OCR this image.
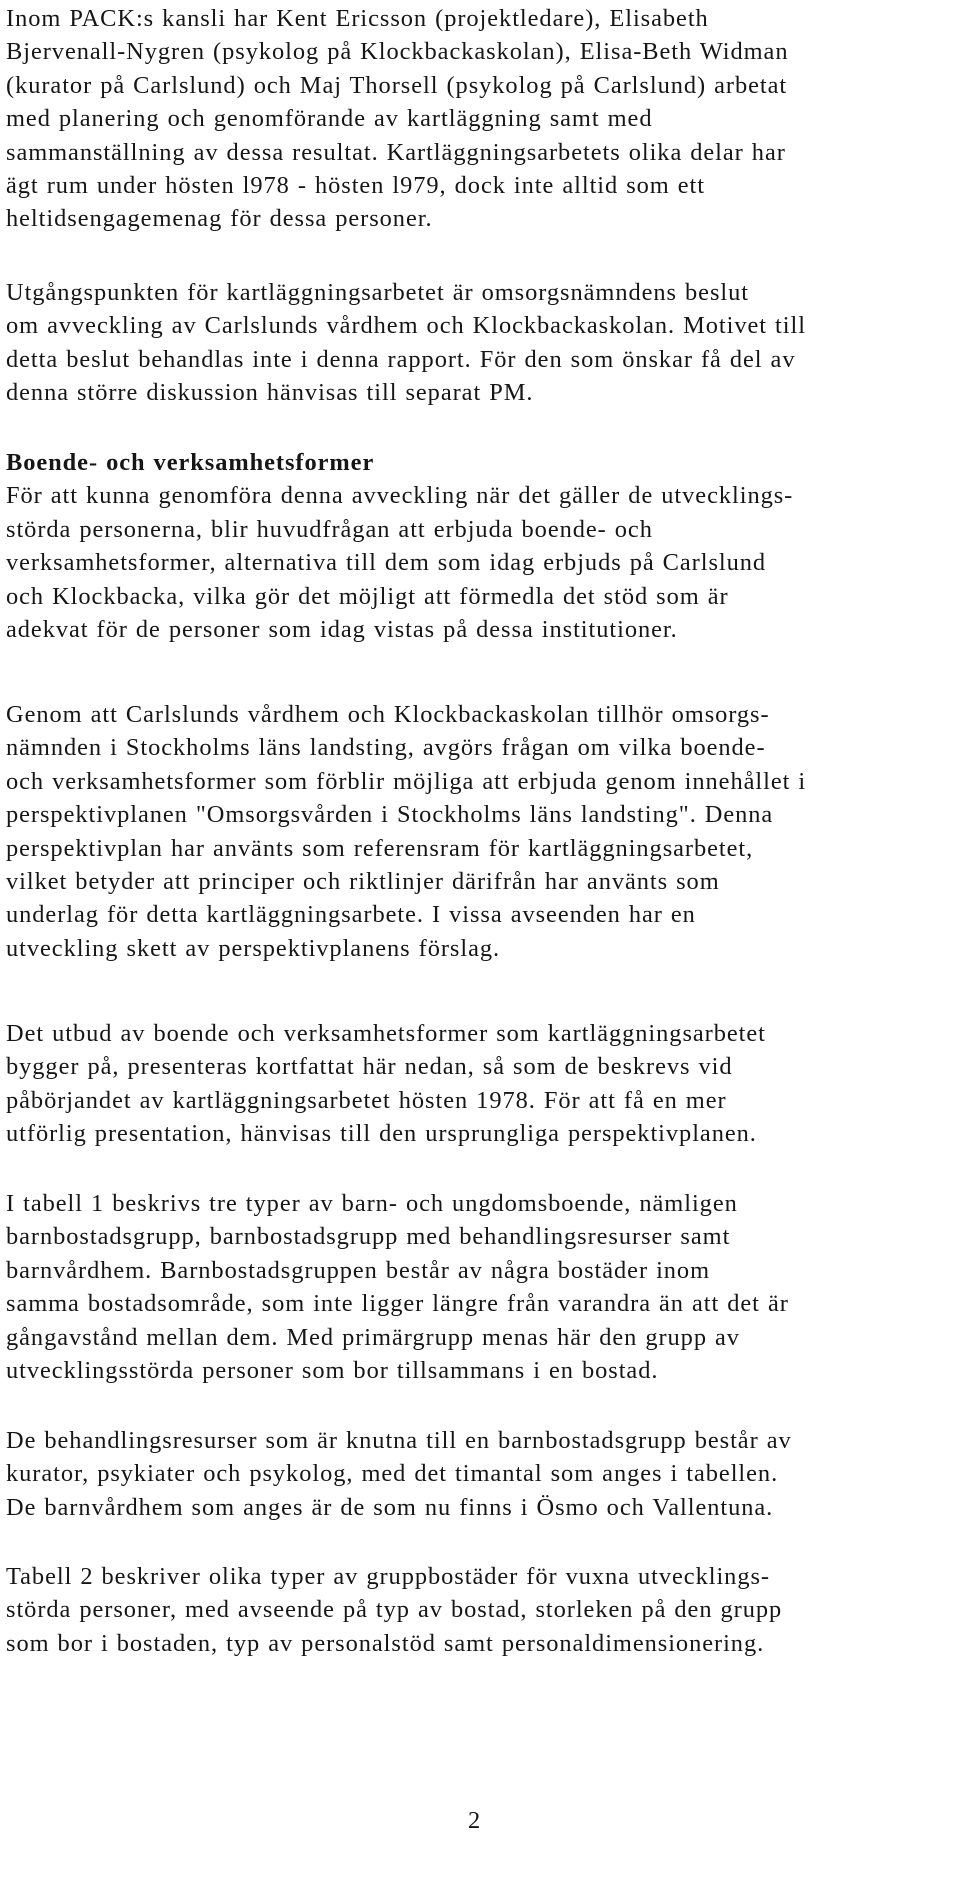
Inom PACK:s kansli har Kent Ericsson (projektledare), Elisabeth
Bjervenall-Nygren (psykolog på Klockbackaskolan), Elisa-Beth Widman
(kurator på Carlslund) och Maj Thorsell (psykolog på Carlslund) arbetat
med planering och genomförande av kartläggning samt med
sammanställning av dessa resultat. Kartläggningsarbetets olika delar har
ägt rum under hösten l978 - hösten l979, dock inte alltid som ett
heltidsengagemenag för dessa personer.

Utgångspunkten för kartläggningsarbetet är omsorgsnämndens beslut
om avveckling av Carlslunds vårdhem och Klockbackaskolan. Motivet till
detta beslut behandlas inte i denna rapport. För den som önskar få del av
denna större diskussion hänvisas till separat PM.

Boende- och verksamhetsformer
För att kunna genomföra denna avveckling när det gäller de utvecklings-
störda personerna, blir huvudfrågan att erbjuda boende- och
verksamhetsformer, alternativa till dem som idag erbjuds på Carlslund
och Klockbacka, vilka gör det möjligt att förmedla det stöd som är
adekvat för de personer som idag vistas på dessa institutioner.

Genom att Carlslunds vårdhem och Klockbackaskolan tillhör omsorgs-
nämnden i Stockholms läns landsting, avgörs frågan om vilka boende-
och verksamhetsformer som förblir möjliga att erbjuda genom innehållet i
perspektivplanen "Omsorgsvården i Stockholms läns landsting". Denna
perspektivplan har använts som referensram för kartläggningsarbetet,
vilket betyder att principer och riktlinjer därifrån har använts som
underlag för detta kartläggningsarbete. I vissa avseenden har en
utveckling skett av perspektivplanens förslag.

Det utbud av boende och verksamhetsformer som kartläggningsarbetet
bygger på, presenteras kortfattat här nedan, så som de beskrevs vid
påbörjandet av kartläggningsarbetet hösten 1978. För att få en mer
utförlig presentation, hänvisas till den ursprungliga perspektivplanen.

I tabell 1 beskrivs tre typer av barn- och ungdomsboende, nämligen
barnbostadsgrupp, barnbostadsgrupp med behandlingsresurser samt
barnvårdhem. Barnbostadsgruppen består av några bostäder inom
samma bostadsområde, som inte ligger längre från varandra än att det är
gångavstånd mellan dem. Med primärgrupp menas här den grupp av
utvecklingsstörda personer som bor tillsammans i en bostad.

De behandlingsresurser som är knutna till en barnbostadsgrupp består av
kurator, psykiater och psykolog, med det timantal som anges i tabellen.
De barnvårdhem som anges är de som nu finns i Ösmo och Vallentuna.

Tabell 2 beskriver olika typer av gruppbostäder för vuxna utvecklings-
störda personer, med avseende på typ av bostad, storleken på den grupp
som bor i bostaden, typ av personalstöd samt personaldimensionering.

2
